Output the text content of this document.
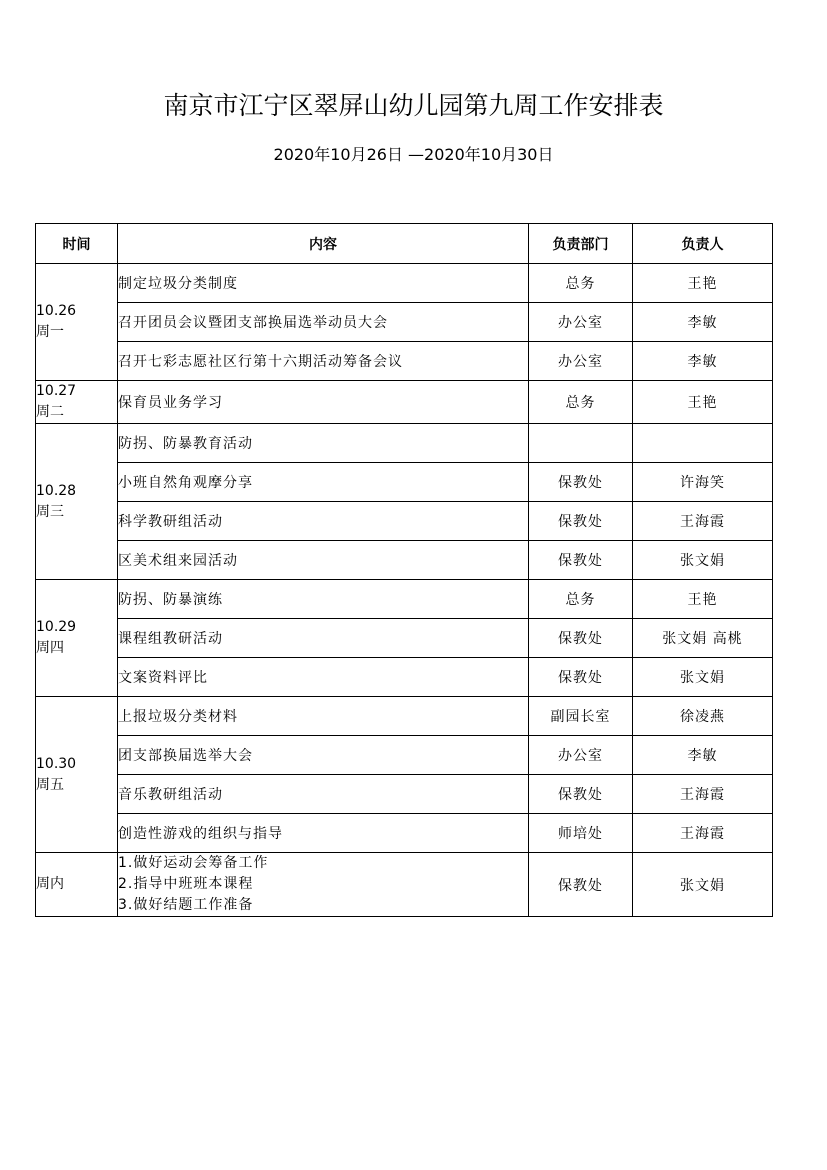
南京市江宁区翠屏山幼儿园第九周工作安排表
2020年10月26日 —2020年10月30日
时间	内容	负责部门	负责人

10.26
周一	制定垃圾分类制度	总务	王艳
	召开团员会议暨团支部换届选举动员大会	办公室	李敏
	召开七彩志愿社区行第十六期活动筹备会议	办公室	李敏

10.27
周二	保育员业务学习	总务	王艳

10.28
周三	防拐、防暴教育活动		
	小班自然角观摩分享	保教处	许海笑
	科学教研组活动	保教处	王海霞
	区美术组来园活动	保教处	张文娟

10.29
周四	防拐、防暴演练	总务	王艳
	课程组教研活动	保教处	张文娟 高桃
	文案资料评比	保教处	张文娟

10.30
周五	上报垃圾分类材料	副园长室	徐凌燕
	团支部换届选举大会	办公室	李敏
	音乐教研组活动	保教处	王海霞
	创造性游戏的组织与指导	师培处	王海霞

周内	1.做好运动会筹备工作
2.指导中班班本课程
3.做好结题工作准备	保教处	张文娟
